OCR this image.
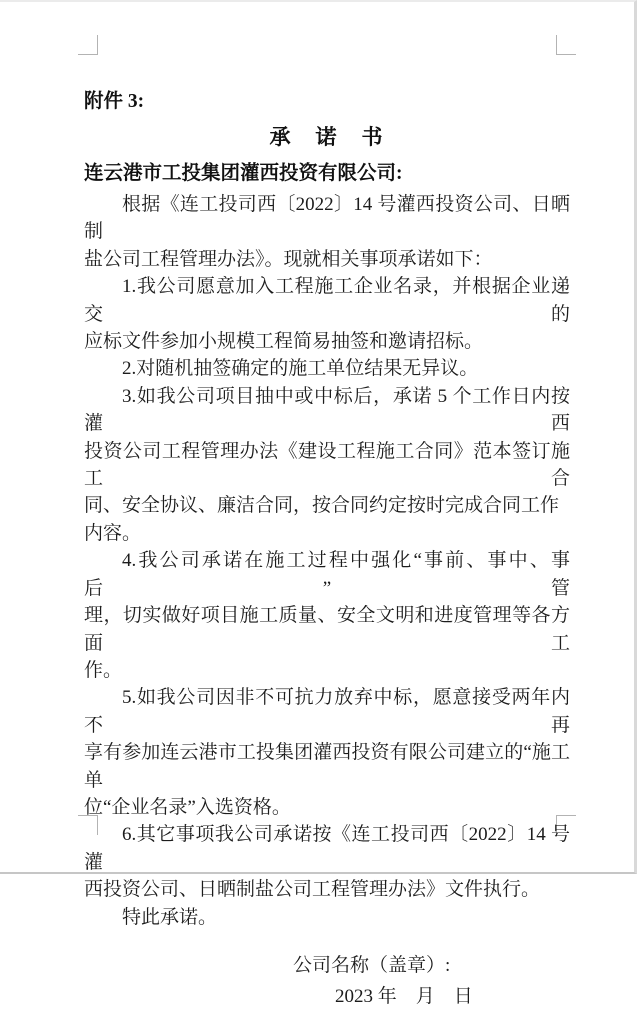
附件 3:
承　诺　书
连云港市工投集团灌西投资有限公司:
根据《连工投司西〔2022〕14 号灌西投资公司、日晒制
盐公司工程管理办法》。现就相关事项承诺如下：
1.我公司愿意加入工程施工企业名录，并根据企业递交的
应标文件参加小规模工程简易抽签和邀请招标。
2.对随机抽签确定的施工单位结果无异议。
3.如我公司项目抽中或中标后，承诺 5 个工作日内按灌西
投资公司工程管理办法《建设工程施工合同》范本签订施工合
同、安全协议、廉洁合同，按合同约定按时完成合同工作内容。
4.我公司承诺在施工过程中强化“事前、事中、事后”管
理，切实做好项目施工质量、安全文明和进度管理等各方面工
作。
5.如我公司因非不可抗力放弃中标，愿意接受两年内不再
享有参加连云港市工投集团灌西投资有限公司建立的“施工单
位“企业名录”入选资格。
6.其它事项我公司承诺按《连工投司西〔2022〕14 号灌
西投资公司、日晒制盐公司工程管理办法》文件执行。
特此承诺。
公司名称（盖章）:
2023 年    月    日
